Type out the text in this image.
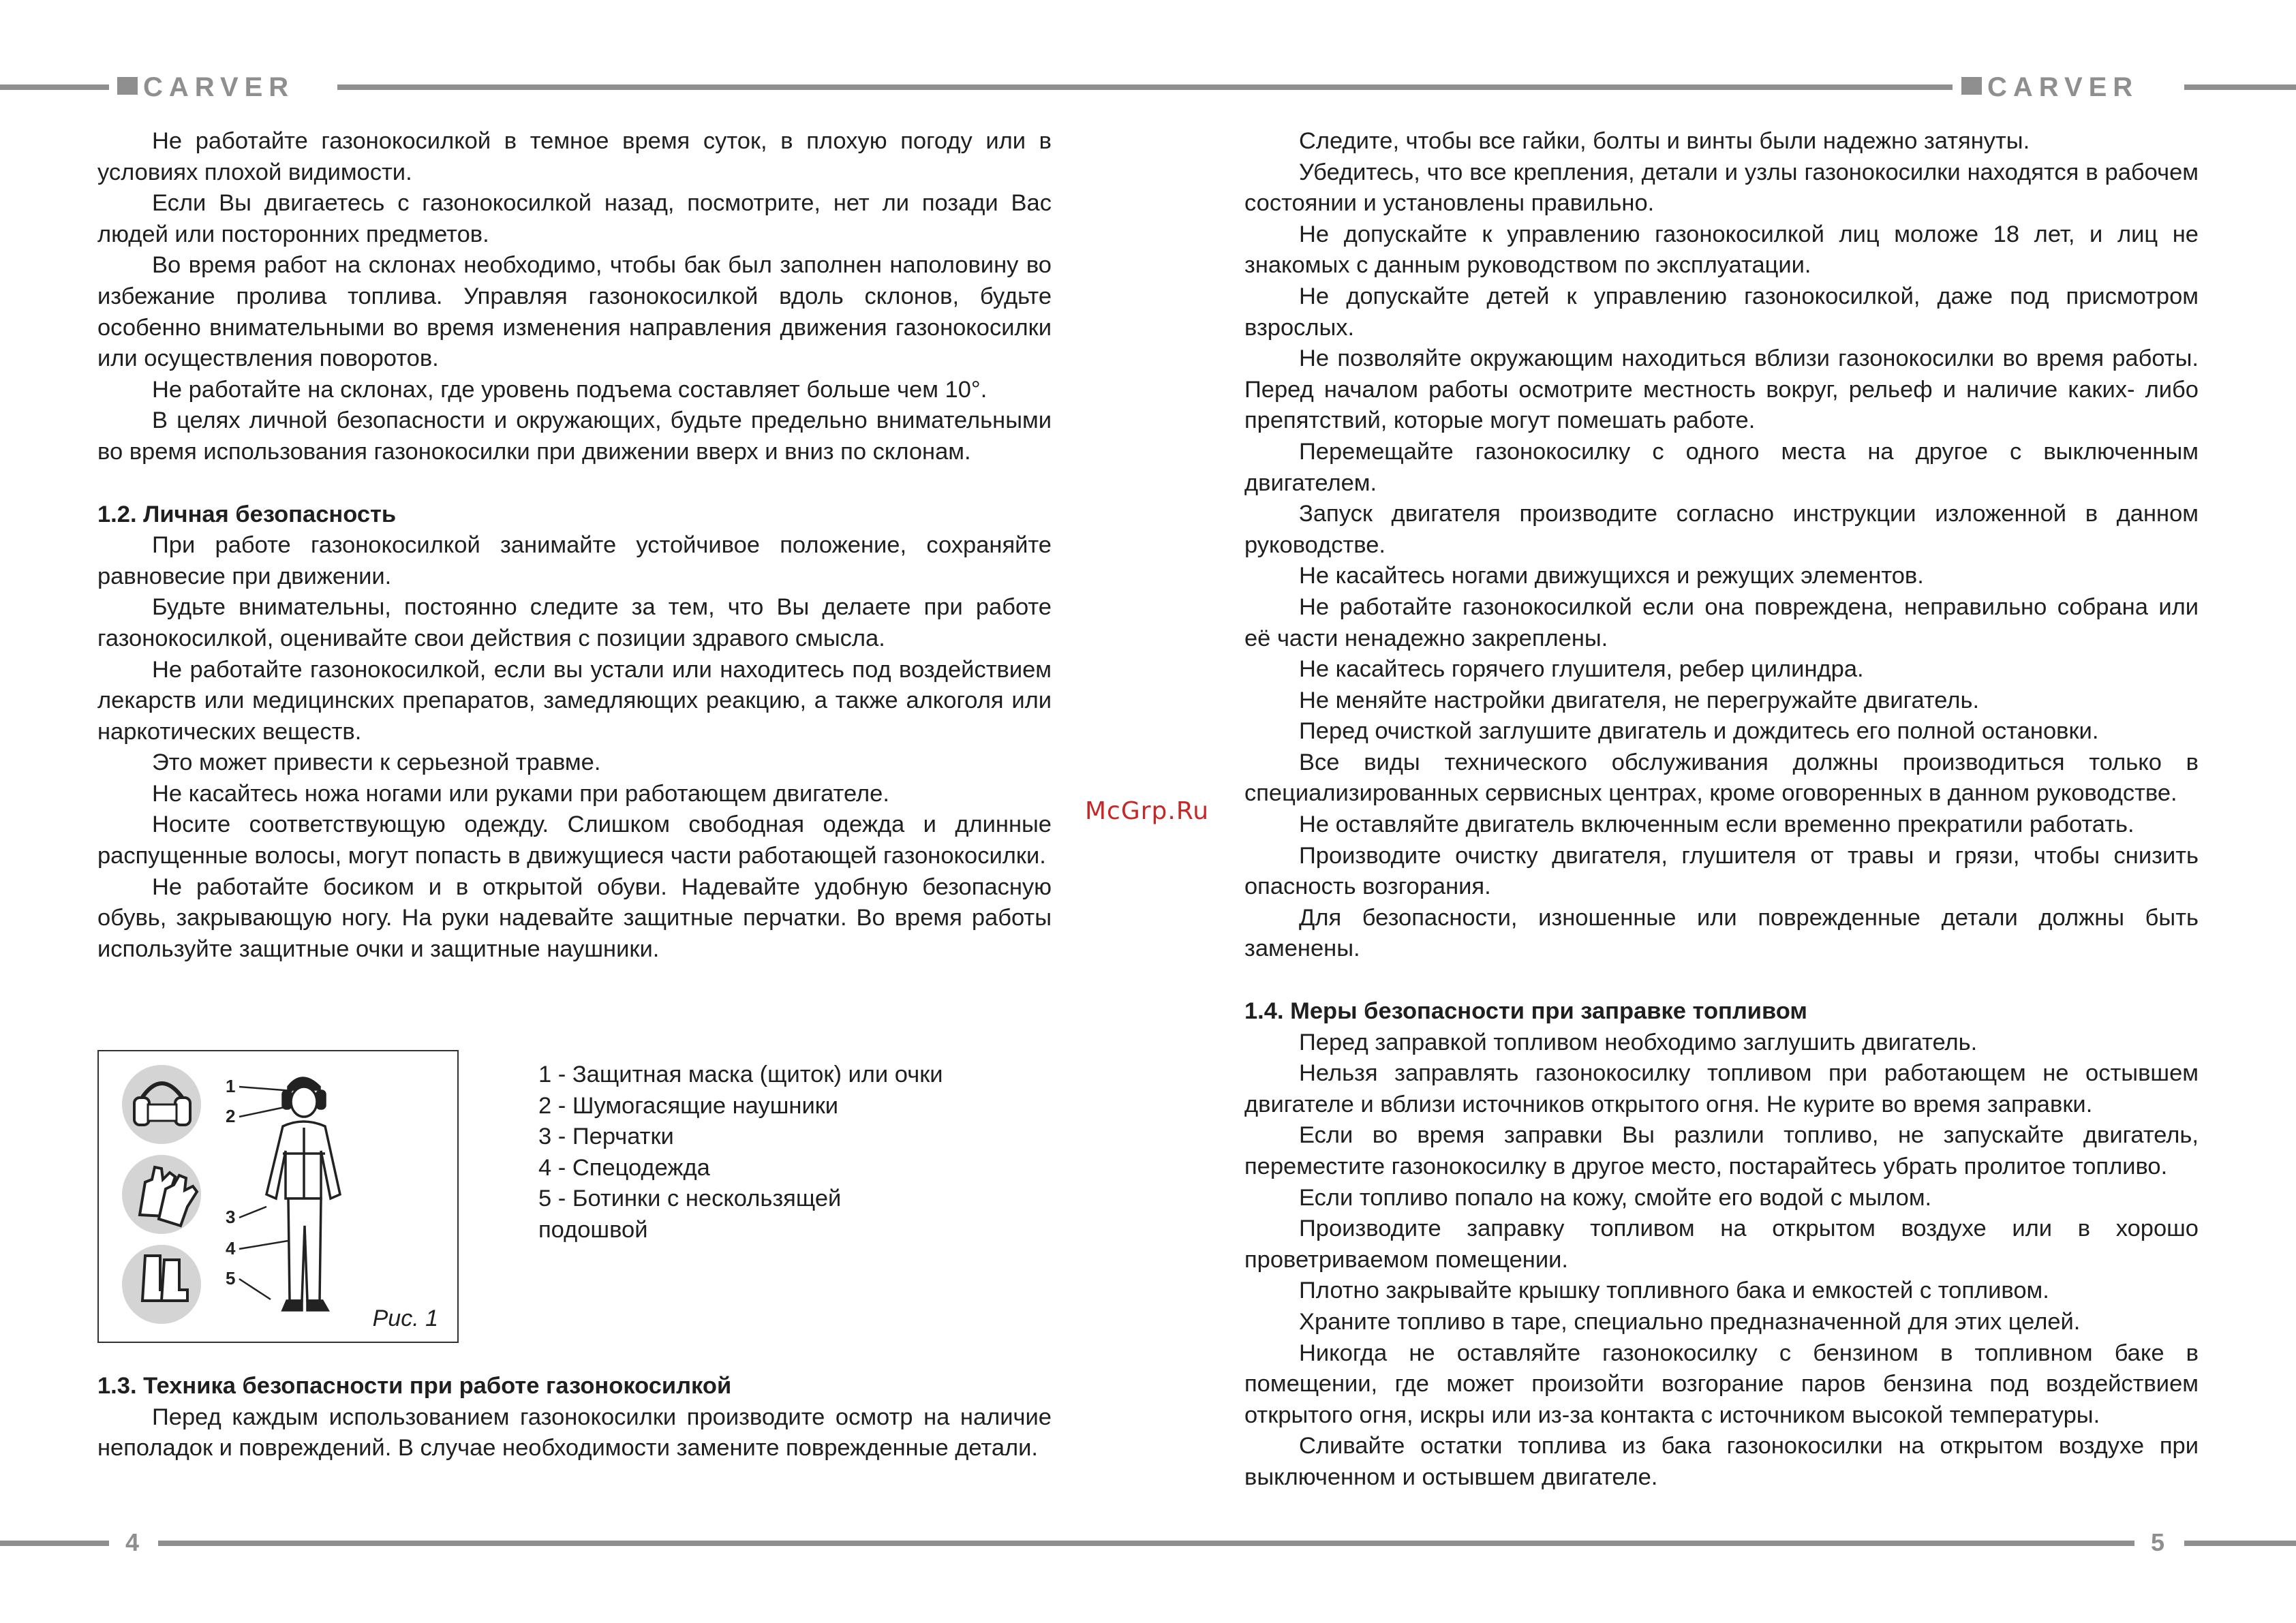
CARVER	CARVER
4	5

Не работайте газонокосилкой в темное время суток, в плохую погоду или в условиях плохой видимости.

Если Вы двигаетесь с газонокосилкой назад, посмотрите, нет ли позади Вас людей или посторонних предметов.

Во время работ на склонах необходимо, чтобы бак был заполнен наполовину во избежание пролива топлива. Управляя газонокосилкой вдоль склонов, будьте особенно внимательными во время изменения направления движения газонокосилки или осуществления поворотов.

Не работайте на склонах, где уровень подъема составляет больше чем 10°.

В целях личной безопасности и окружающих, будьте предельно внимательными во время использования газонокосилки при движении вверх и вниз по склонам.

1.2. Личная безопасность

При работе газонокосилкой занимайте устойчивое положение, сохраняйте равновесие при движении.

Будьте внимательны, постоянно следите за тем, что Вы делаете при работе газонокосилкой, оценивайте свои действия с позиции здравого смысла.

Не работайте газонокосилкой, если вы устали или находитесь под воздействием лекарств или медицинских препаратов, замедляющих реакцию, а также алкоголя или наркотических веществ.

Это может привести к серьезной травме.

Не касайтесь ножа ногами или руками при работающем двигателе.

Носите соответствующую одежду. Слишком свободная одежда и длинные распущенные волосы, могут попасть в движущиеся части работающей газонокосилки.

Не работайте босиком и в открытой обуви. Надевайте удобную безопасную обувь, закрывающую ногу. На руки надевайте защитные перчатки. Во время работы используйте защитные очки и защитные наушники.

1
2
3
4
5
Рис. 1
1 - Защитная маска (щиток) или очки
2 - Шумогасящие наушники
3 - Перчатки
4 - Спецодежда
5 - Ботинки с нескользящей
подошвой
1.3. Техника безопасности при работе газонокосилкой

Перед каждым использованием газонокосилки производите осмотр на наличие неполадок и повреждений. В случае необходимости замените поврежденные детали.

McGrp.Ru

Следите, чтобы все гайки, болты и винты были надежно затянуты.

Убедитесь, что все крепления, детали и узлы газонокосилки находятся в рабочем состоянии и установлены правильно.

Не допускайте к управлению газонокосилкой лиц моложе 18 лет, и лиц не знакомых с данным руководством по эксплуатации.

Не допускайте детей к управлению газонокосилкой, даже под присмотром взрослых.

Не позволяйте окружающим находиться вблизи газонокосилки во время работы. Перед началом работы осмотрите местность вокруг, рельеф и наличие каких- либо препятствий, которые могут помешать работе.

Перемещайте газонокосилку с одного места на другое с выключенным двигателем.

Запуск двигателя производите согласно инструкции изложенной в данном руководстве.

Не касайтесь ногами движущихся и режущих элементов.

Не работайте газонокосилкой если она повреждена, неправильно собрана или её части ненадежно закреплены.

Не касайтесь горячего глушителя, ребер цилиндра.

Не меняйте настройки двигателя, не перегружайте двигатель.

Перед очисткой заглушите двигатель и дождитесь его полной остановки.

Все виды технического обслуживания должны производиться только в специализированных сервисных центрах, кроме оговоренных в данном руководстве.

Не оставляйте двигатель включенным если временно прекратили работать.

Производите очистку двигателя, глушителя от травы и грязи, чтобы снизить опасность возгорания.

Для безопасности, изношенные или поврежденные детали должны быть заменены.

1.4. Меры безопасности при заправке топливом

Перед заправкой топливом необходимо заглушить двигатель.

Нельзя заправлять газонокосилку топливом при работающем не остывшем двигателе и вблизи источников открытого огня. Не курите во время заправки.

Если во время заправки Вы разлили топливо, не запускайте двигатель, переместите газонокосилку в другое место, постарайтесь убрать пролитое топливо.

Если топливо попало на кожу, смойте его водой с мылом.

Производите заправку топливом на открытом воздухе или в хорошо проветриваемом помещении.

Плотно закрывайте крышку топливного бака и емкостей с топливом.

Храните топливо в таре, специально предназначенной для этих целей.

Никогда не оставляйте газонокосилку с бензином в топливном баке в помещении, где может произойти возгорание паров бензина под воздействием открытого огня, искры или из-за контакта с источником высокой температуры.

Сливайте остатки топлива из бака газонокосилки на открытом воздухе при выключенном и остывшем двигателе.
